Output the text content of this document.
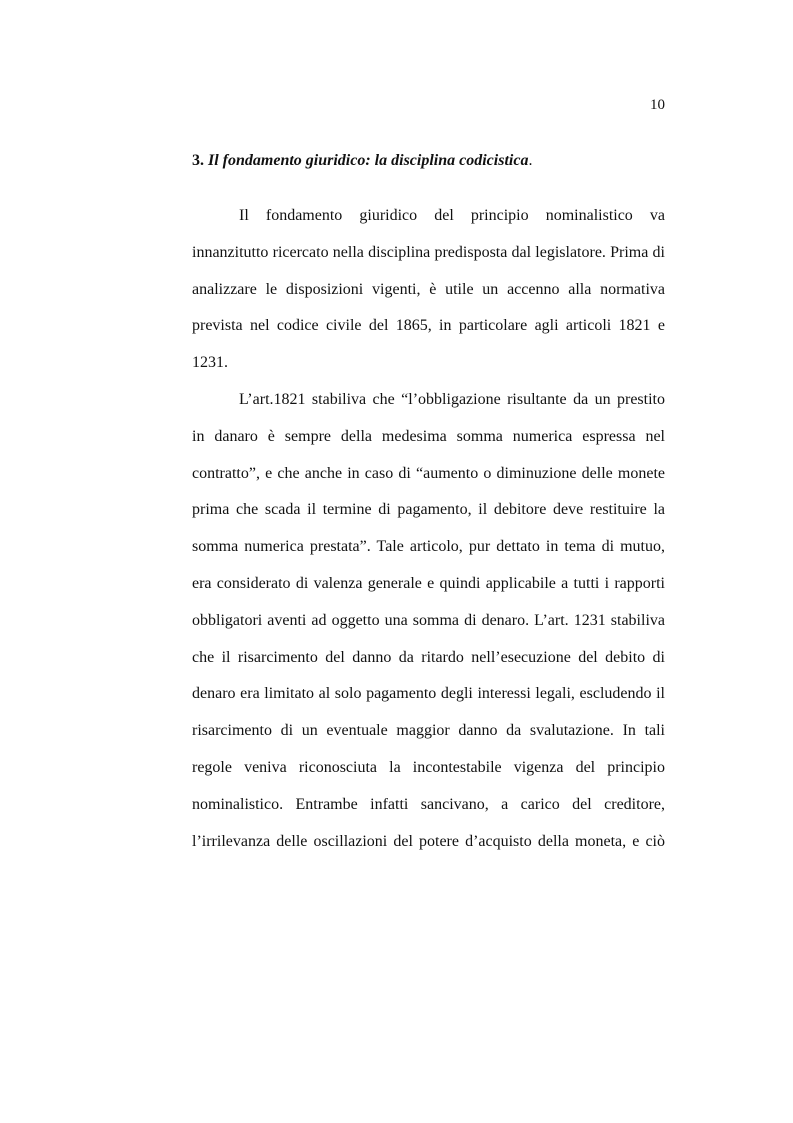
10
3. Il fondamento giuridico: la disciplina codicistica.
Il fondamento giuridico del principio nominalistico va
innanzitutto ricercato nella disciplina predisposta dal legislatore. Prima di
analizzare le disposizioni vigenti, è utile un accenno alla normativa
prevista nel codice civile del 1865, in particolare agli articoli 1821 e
1231.
L’art.1821 stabiliva che “l’obbligazione risultante da un prestito
in danaro è sempre della medesima somma numerica espressa nel
contratto”, e che anche in caso di “aumento o diminuzione delle monete
prima che scada il termine di pagamento, il debitore deve restituire la
somma numerica prestata”. Tale articolo, pur dettato in tema di mutuo,
era considerato di valenza generale e quindi applicabile a tutti i rapporti
obbligatori aventi ad oggetto una somma di denaro. L’art. 1231 stabiliva
che il risarcimento del danno da ritardo nell’esecuzione del debito di
denaro era limitato al solo pagamento degli interessi legali, escludendo il
risarcimento di un eventuale maggior danno da svalutazione. In tali
regole veniva riconosciuta la incontestabile vigenza del principio
nominalistico. Entrambe infatti sancivano, a carico del creditore,
l’irrilevanza delle oscillazioni del potere d’acquisto della moneta, e ciò
